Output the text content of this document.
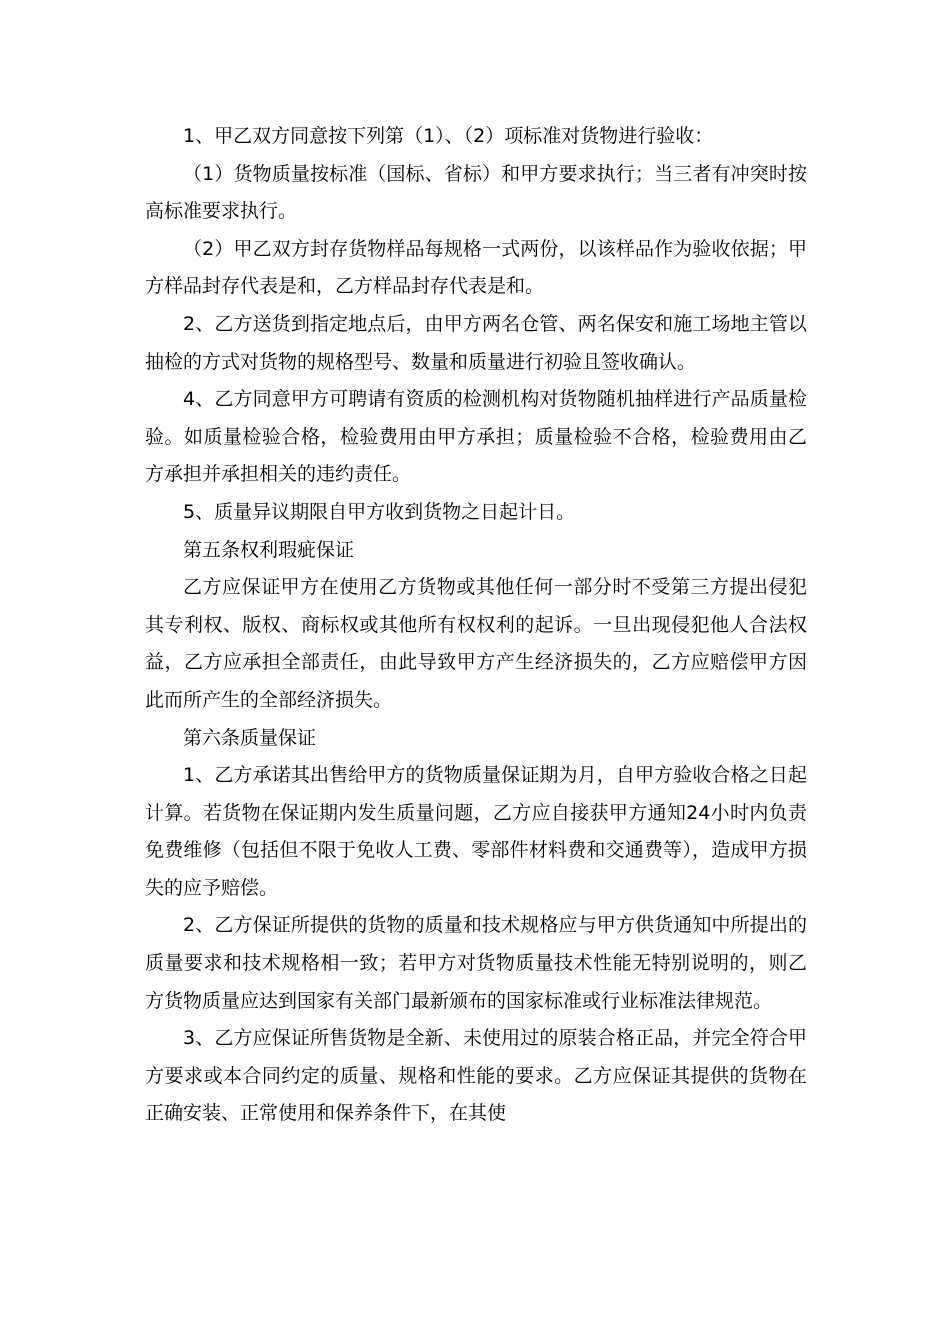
1、甲乙双方同意按下列第（1）、（2）项标准对货物进行验收：

（1）货物质量按标准（国标、省标）和甲方要求执行；当三者有冲突时按高标准要求执行。

（2）甲乙双方封存货物样品每规格一式两份，以该样品作为验收依据；甲方样品封存代表是和，乙方样品封存代表是和。

2、乙方送货到指定地点后，由甲方两名仓管、两名保安和施工场地主管以抽检的方式对货物的规格型号、数量和质量进行初验且签收确认。

4、乙方同意甲方可聘请有资质的检测机构对货物随机抽样进行产品质量检验。如质量检验合格，检验费用由甲方承担；质量检验不合格，检验费用由乙方承担并承担相关的违约责任。

5、质量异议期限自甲方收到货物之日起计日。

第五条权利瑕疵保证

乙方应保证甲方在使用乙方货物或其他任何一部分时不受第三方提出侵犯其专利权、版权、商标权或其他所有权权利的起诉。一旦出现侵犯他人合法权益，乙方应承担全部责任，由此导致甲方产生经济损失的，乙方应赔偿甲方因此而所产生的全部经济损失。

第六条质量保证

1、乙方承诺其出售给甲方的货物质量保证期为月，自甲方验收合格之日起计算。若货物在保证期内发生质量问题，乙方应自接获甲方通知24小时内负责免费维修（包括但不限于免收人工费、零部件材料费和交通费等），造成甲方损失的应予赔偿。

2、乙方保证所提供的货物的质量和技术规格应与甲方供货通知中所提出的质量要求和技术规格相一致；若甲方对货物质量技术性能无特别说明的，则乙方货物质量应达到国家有关部门最新颁布的国家标准或行业标准法律规范。

3、乙方应保证所售货物是全新、未使用过的原装合格正品，并完全符合甲方要求或本合同约定的质量、规格和性能的要求。乙方应保证其提供的货物在正确安装、正常使用和保养条件下，在其使
